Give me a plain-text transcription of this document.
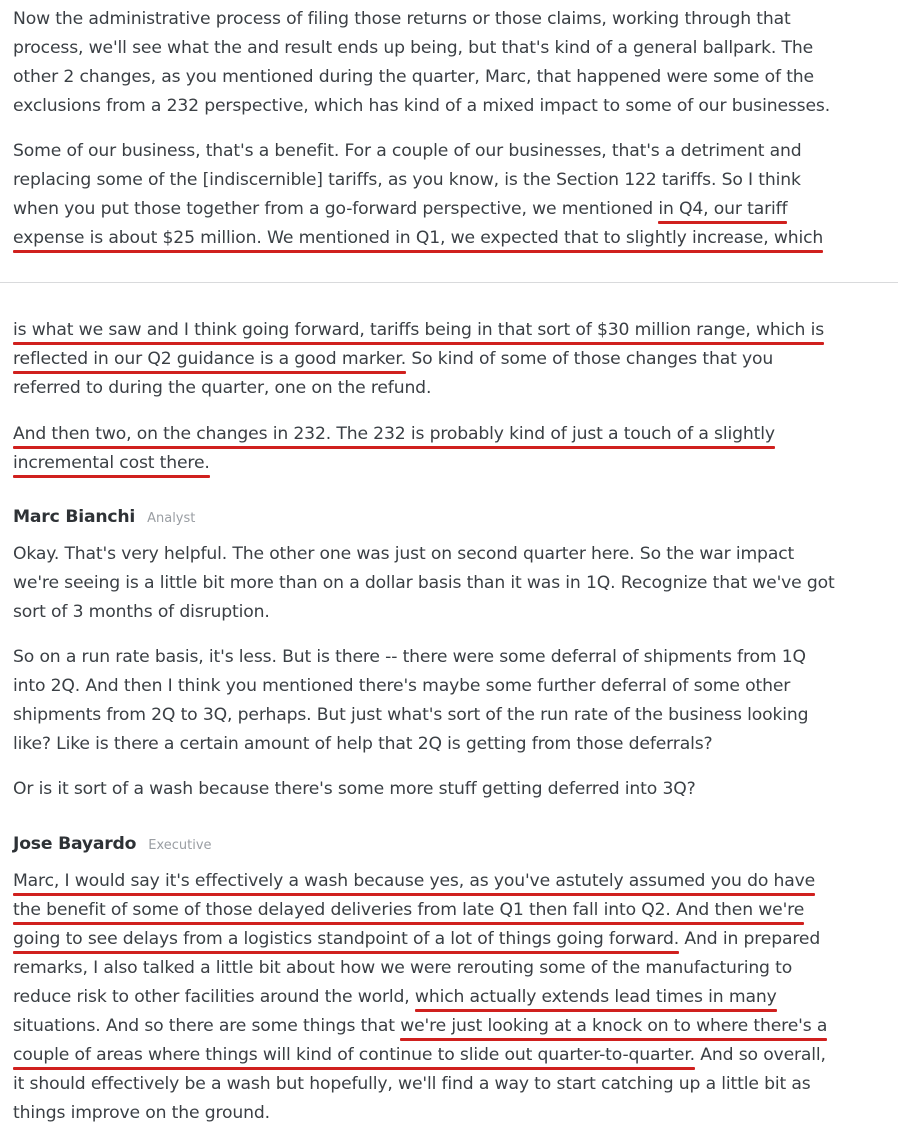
Now the administrative process of filing those returns or those claims, working through that
process, we'll see what the and result ends up being, but that's kind of a general ballpark. The
other 2 changes, as you mentioned during the quarter, Marc, that happened were some of the
exclusions from a 232 perspective, which has kind of a mixed impact to some of our businesses.

Some of our business, that's a benefit. For a couple of our businesses, that's a detriment and
replacing some of the [indiscernible] tariffs, as you know, is the Section 122 tariffs. So I think
when you put those together from a go-forward perspective, we mentioned in Q4, our tariff
expense is about $25 million. We mentioned in Q1, we expected that to slightly increase, which

is what we saw and I think going forward, tariffs being in that sort of $30 million range, which is
reflected in our Q2 guidance is a good marker. So kind of some of those changes that you
referred to during the quarter, one on the refund.

And then two, on the changes in 232. The 232 is probably kind of just a touch of a slightly
incremental cost there.

Marc Bianchi Analyst

Okay. That's very helpful. The other one was just on second quarter here. So the war impact
we're seeing is a little bit more than on a dollar basis than it was in 1Q. Recognize that we've got
sort of 3 months of disruption.

So on a run rate basis, it's less. But is there -- there were some deferral of shipments from 1Q
into 2Q. And then I think you mentioned there's maybe some further deferral of some other
shipments from 2Q to 3Q, perhaps. But just what's sort of the run rate of the business looking
like? Like is there a certain amount of help that 2Q is getting from those deferrals?

Or is it sort of a wash because there's some more stuff getting deferred into 3Q?

Jose Bayardo Executive

Marc, I would say it's effectively a wash because yes, as you've astutely assumed you do have
the benefit of some of those delayed deliveries from late Q1 then fall into Q2. And then we're
going to see delays from a logistics standpoint of a lot of things going forward. And in prepared
remarks, I also talked a little bit about how we were rerouting some of the manufacturing to
reduce risk to other facilities around the world, which actually extends lead times in many
situations. And so there are some things that we're just looking at a knock on to where there's a
couple of areas where things will kind of continue to slide out quarter-to-quarter. And so overall,
it should effectively be a wash but hopefully, we'll find a way to start catching up a little bit as
things improve on the ground.
